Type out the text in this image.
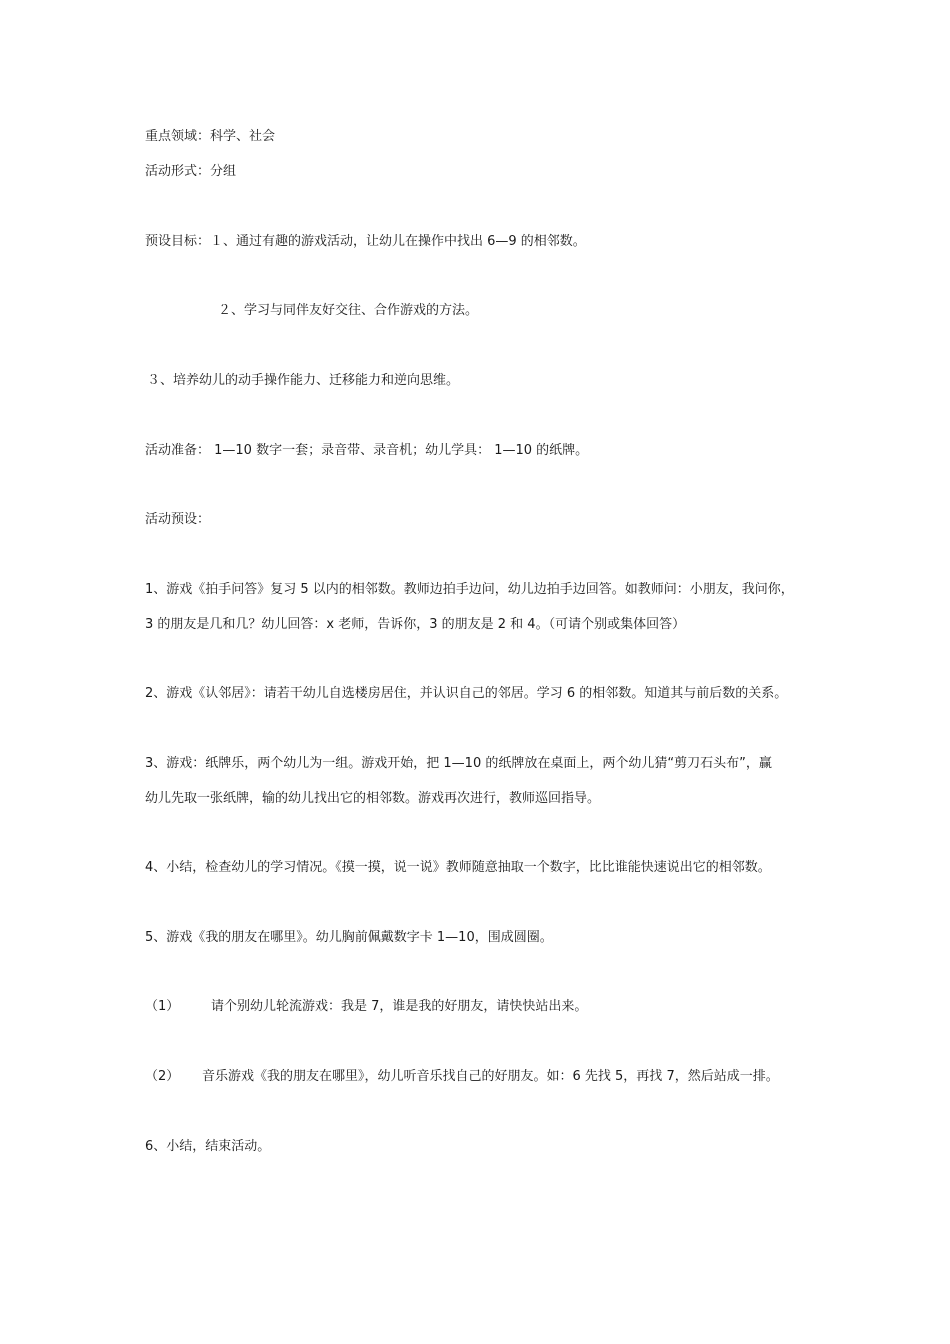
重点领域：科学、社会
活动形式：分组
预设目标：１、通过有趣的游戏活动，让幼儿在操作中找出 6—9 的相邻数。
２、学习与同伴友好交往、合作游戏的方法。
３、培养幼儿的动手操作能力、迁移能力和逆向思维。
活动准备： 1—10 数字一套；录音带、录音机；幼儿学具： 1—10 的纸牌。
活动预设：
1、游戏《拍手问答》复习 5 以内的相邻数。教师边拍手边问，幼儿边拍手边回答。如教师问：小朋友，我问你，
3 的朋友是几和几？幼儿回答：x 老师，告诉你，3 的朋友是 2 和 4。（可请个别或集体回答）
2、游戏《认邻居》：请若干幼儿自选楼房居住，并认识自己的邻居。学习 6 的相邻数。知道其与前后数的关系。
3、游戏：纸牌乐，两个幼儿为一组。游戏开始，把 1—10 的纸牌放在桌面上，两个幼儿猜“剪刀石头布”，赢
幼儿先取一张纸牌，输的幼儿找出它的相邻数。游戏再次进行，教师巡回指导。
4、小结，检查幼儿的学习情况。《摸一摸，说一说》教师随意抽取一个数字，比比谁能快速说出它的相邻数。
5、游戏《我的朋友在哪里》。幼儿胸前佩戴数字卡 1—10，围成圆圈。
（1） 请个别幼儿轮流游戏：我是 7，谁是我的好朋友，请快快站出来。
（2） 音乐游戏《我的朋友在哪里》，幼儿听音乐找自己的好朋友。如：6 先找 5，再找 7，然后站成一排。
6、小结，结束活动。
